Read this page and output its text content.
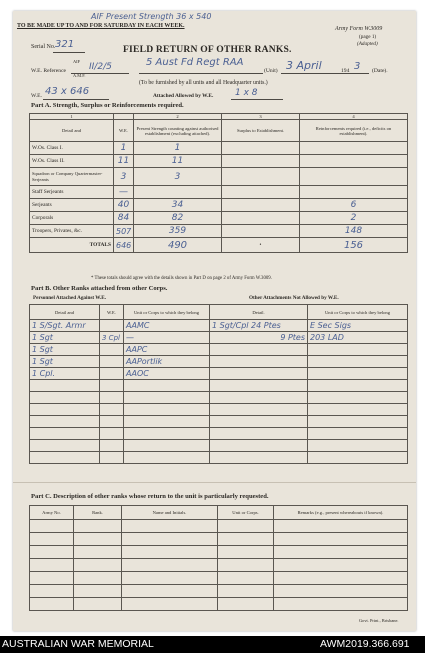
AIF Present Strength 36 x 540
TO BE MADE UP TO AND FOR SATURDAY IN EACH WEEK.	Army Form W.3009
(page 1)
(Adapted)
Serial No. 321	FIELD RETURN OF OTHER RANKS.
W.E. Reference
AIF
A.M.F.
II/2/5	5 Aust Fd Regt RAA
(Unit) 3 April	194 3 (Date).
(To be furnished by all units and all Headquarter units.)
W.E. 43 x 646	Attached Allowed by W.E. 1 x 8
Part A. Strength, Surplus or Reinforcements required.
1		2	3	4
Detail and	W.E.	Present Strength counting against authorised establishment (excluding attached).	Surplus to Establishment.	Reinforcements required (i.e., deficits on establishment).
W.Os. Class I.	1	1		
W.Os. Class II.	11	11		
Squadron or Company Quartermaster-Serjeants	3	3		
Staff Serjeants	—			
Serjeants	40	34		6
Corporals	84	82		2
Troopers, Privates, &c.	507	359		148
TOTALS	646	490	•	156
* These totals should agree with the details shown in Part D on page 2 of Army Form W.3009.
Part B. Other Ranks attached from other Corps.
Personnel Attached Against W.E.	Other Attachments Not Allowed by W.E.
Detail and	W.E.	Unit or Corps to which they belong	Detail.	Unit or Corps to which they belong
1 S/Sgt. Armr		AAMC	1 Sgt/Cpl 24 Ptes	E Sec Sigs
1 Sgt	3 Cpl	—	9 Ptes	203 LAD
1 Sgt		AAPC		
1 Sgt		AAPortlik		
1 Cpl.		AAOC		

Part C. Description of other ranks whose return to the unit is particularly requested.
Army No.	Rank.	Name and Initials.	Unit or Corps.	Remarks (e.g., present whereabouts if known).

Govt. Print., Brisbane.
AUSTRALIAN WAR MEMORIAL	AWM2019.366.691
